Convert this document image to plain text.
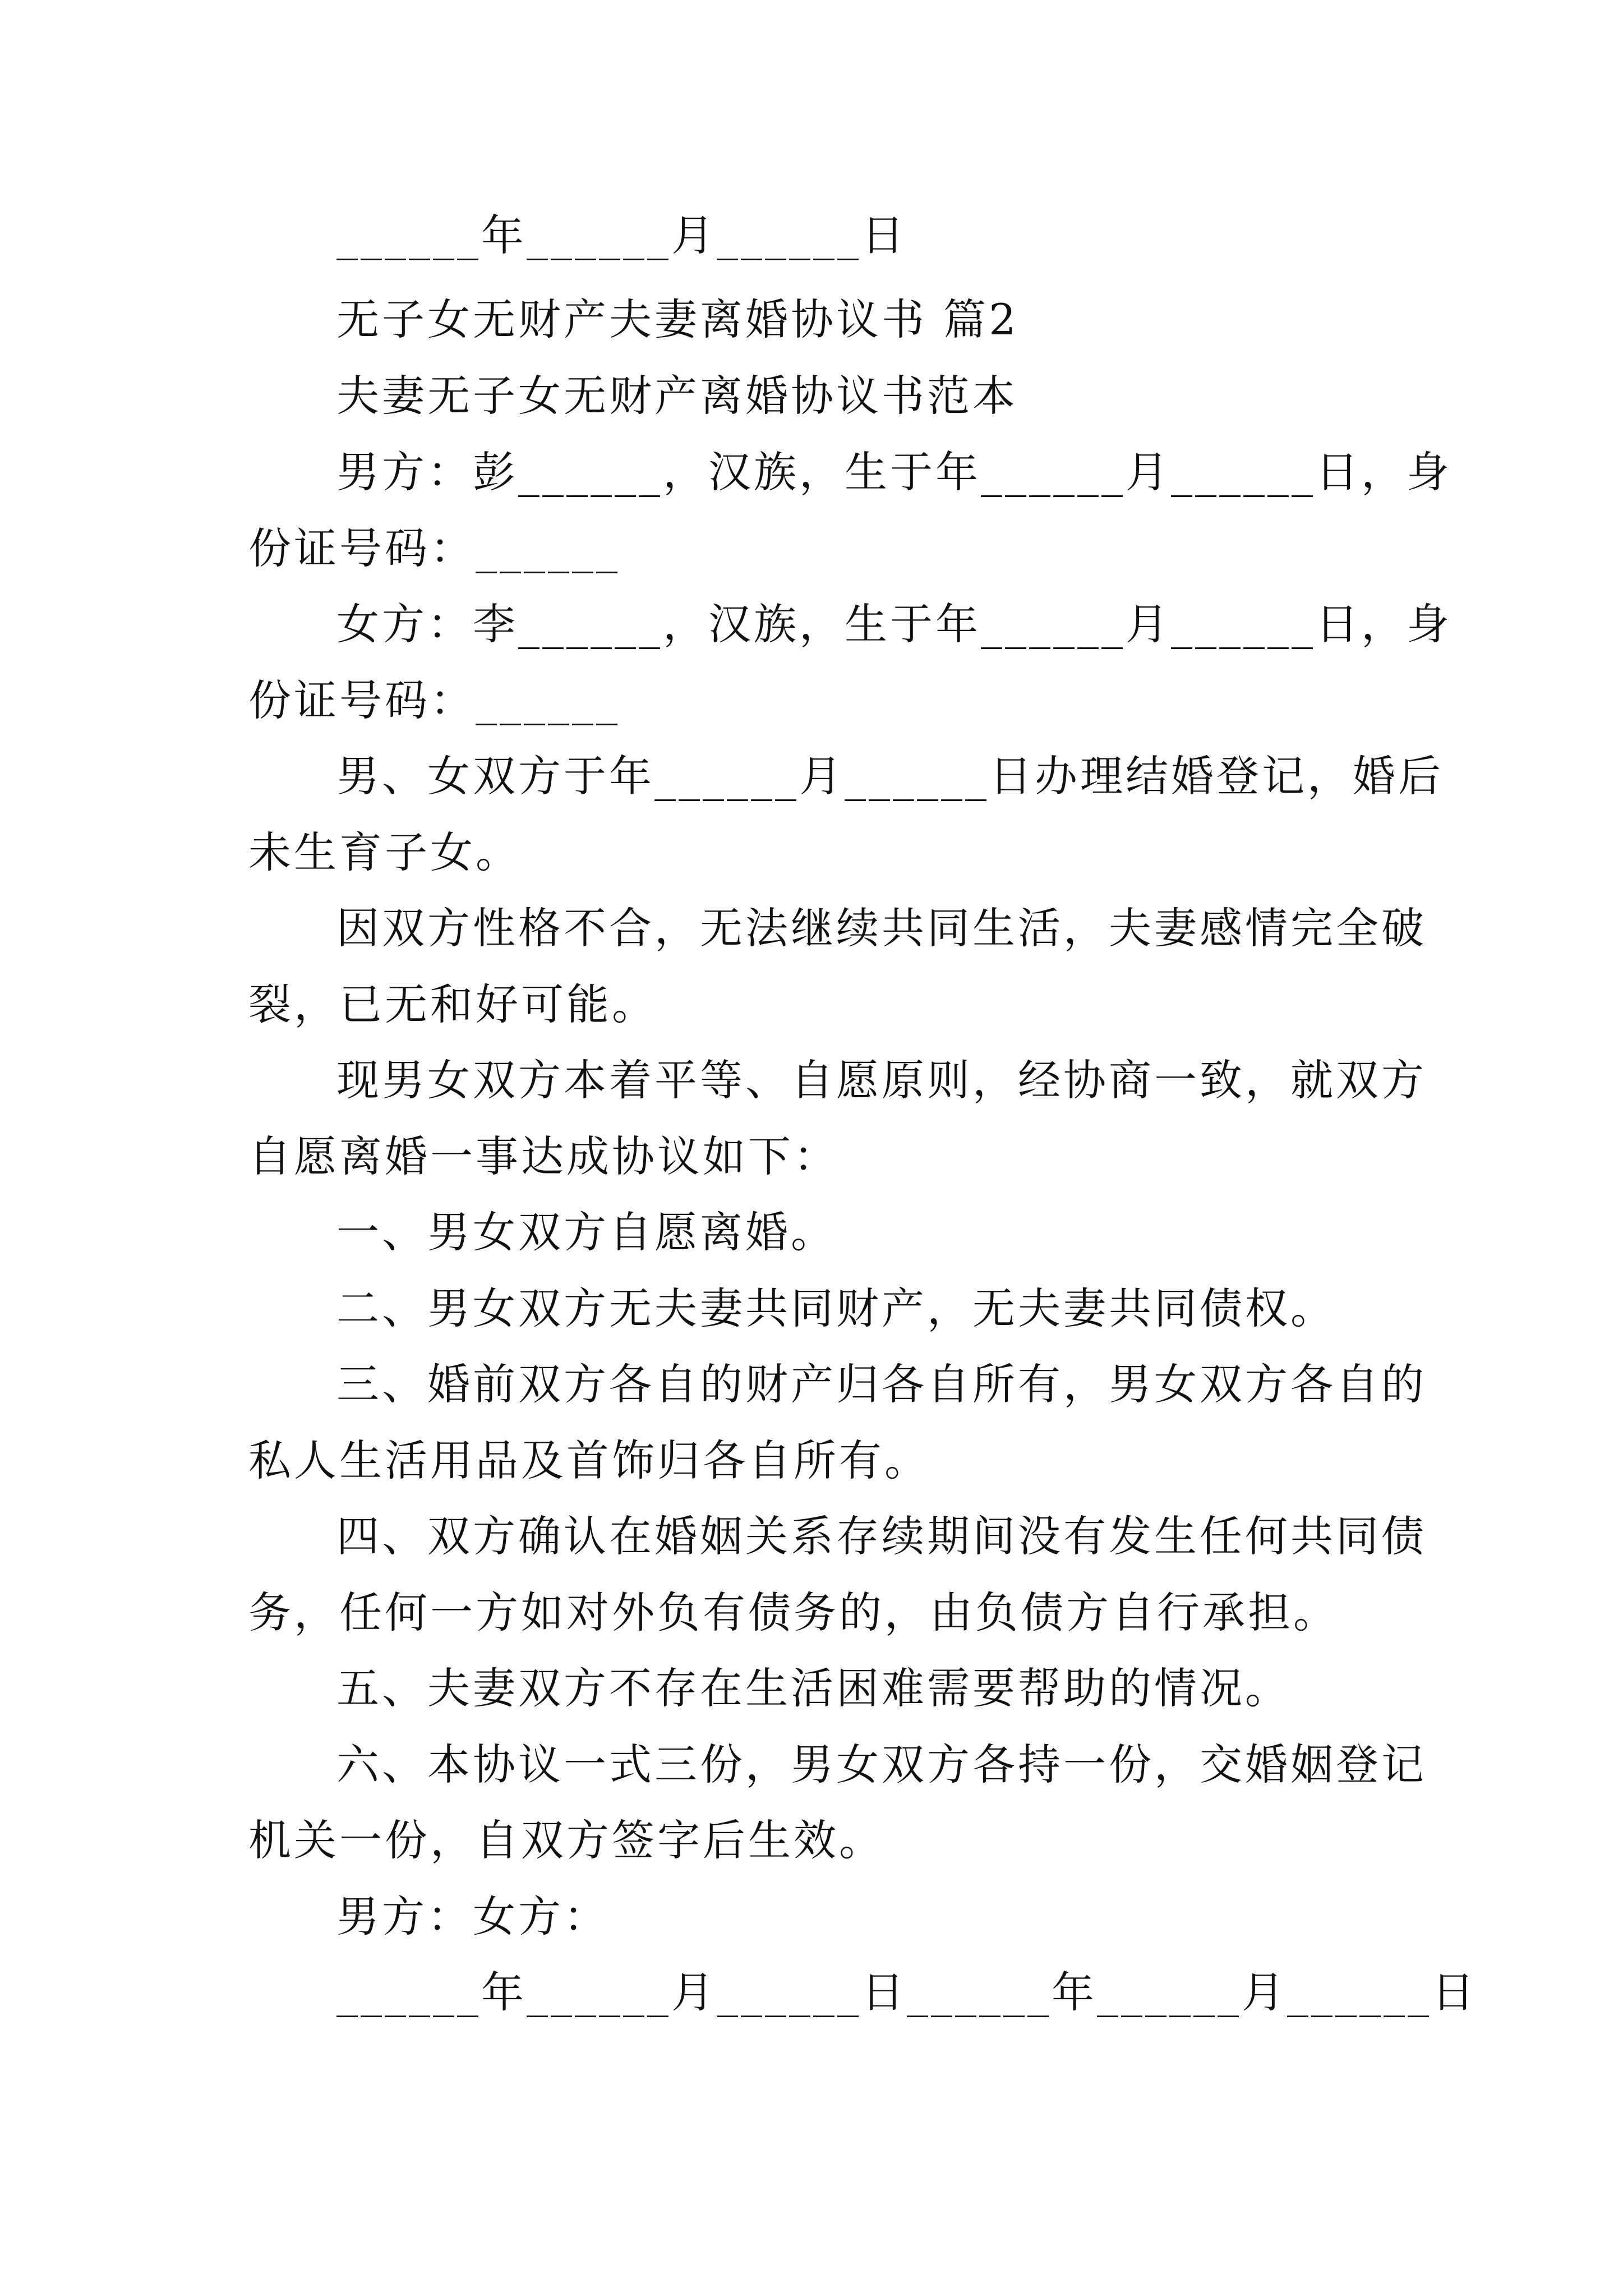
______年______月______日
无子女无财产夫妻离婚协议书 篇2
夫妻无子女无财产离婚协议书范本
男方：彭______，汉族，生于年______月______日，身
份证号码：______
女方：李______，汉族，生于年______月______日，身
份证号码：______
男、女双方于年______月______日办理结婚登记，婚后
未生育子女。
因双方性格不合，无法继续共同生活，夫妻感情完全破
裂，已无和好可能。
现男女双方本着平等、自愿原则，经协商一致，就双方
自愿离婚一事达成协议如下：
一、男女双方自愿离婚。
二、男女双方无夫妻共同财产，无夫妻共同债权。
三、婚前双方各自的财产归各自所有，男女双方各自的
私人生活用品及首饰归各自所有。
四、双方确认在婚姻关系存续期间没有发生任何共同债
务，任何一方如对外负有债务的，由负债方自行承担。
五、夫妻双方不存在生活困难需要帮助的情况。
六、本协议一式三份，男女双方各持一份，交婚姻登记
机关一份，自双方签字后生效。
男方：女方：
______年______月______日______年______月______日
